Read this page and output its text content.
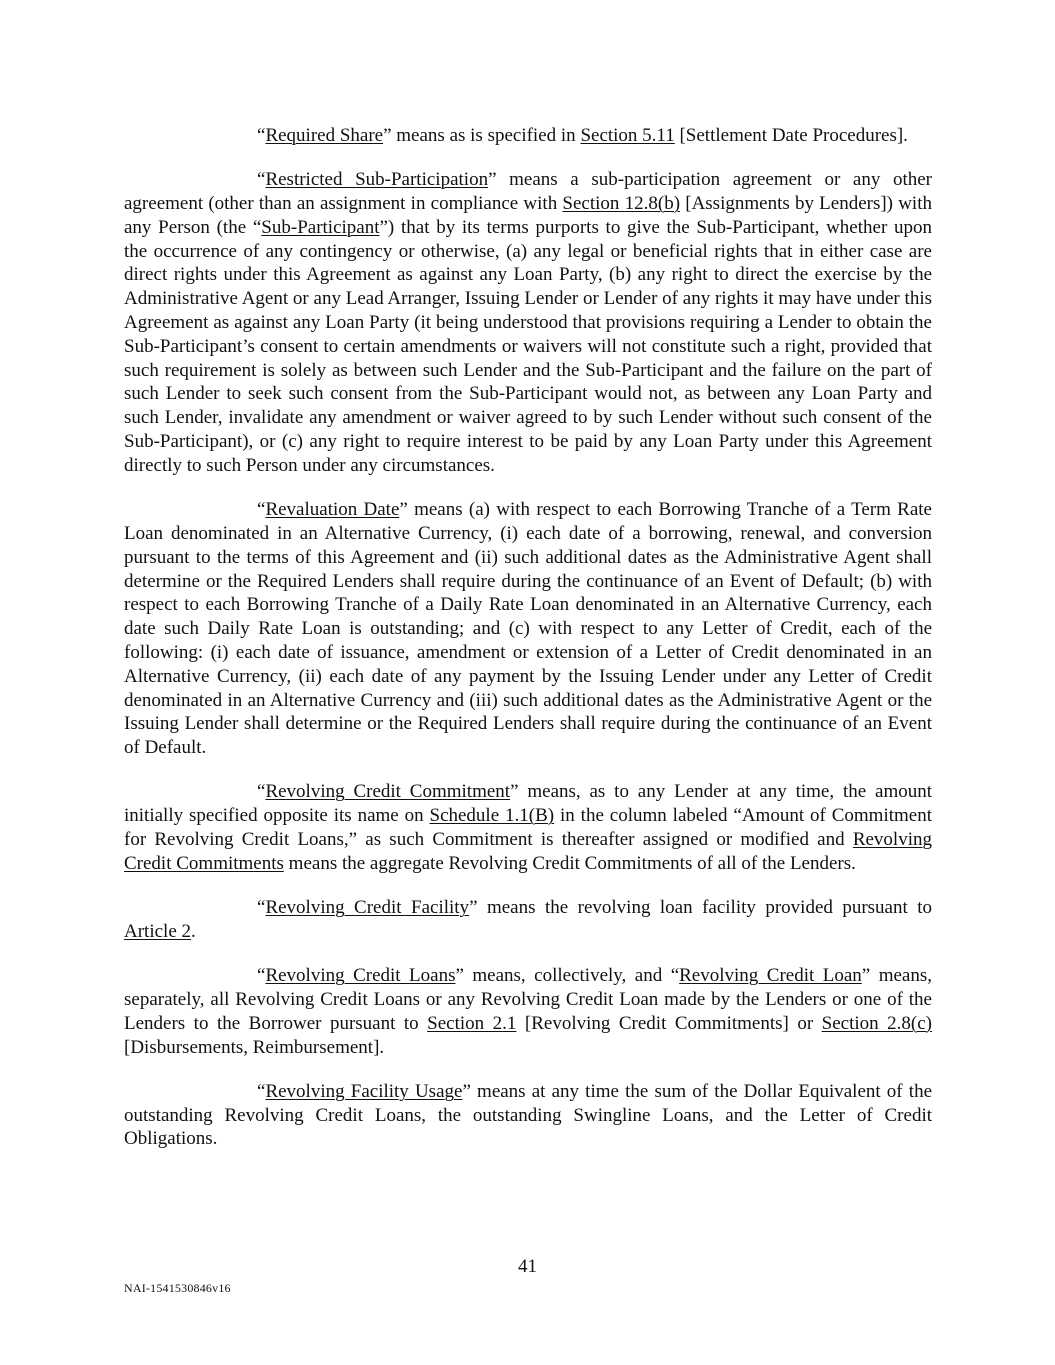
“Required Share” means as is specified in Section 5.11 [Settlement Date Procedures].

“Restricted Sub-Participation” means a sub-participation agreement or any other agreement (other than an assignment in compliance with Section 12.8(b) [Assignments by Lenders]) with any Person (the “Sub-Participant”) that by its terms purports to give the Sub-Participant, whether upon the occurrence of any contingency or otherwise, (a) any legal or beneficial rights that in either case are direct rights under this Agreement as against any Loan Party, (b) any right to direct the exercise by the Administrative Agent or any Lead Arranger, Issuing Lender or Lender of any rights it may have under this Agreement as against any Loan Party (it being understood that provisions requiring a Lender to obtain the Sub-Participant’s consent to certain amendments or waivers will not constitute such a right, provided that such requirement is solely as between such Lender and the Sub-Participant and the failure on the part of such Lender to seek such consent from the Sub-Participant would not, as between any Loan Party and such Lender, invalidate any amendment or waiver agreed to by such Lender without such consent of the Sub-Participant), or (c) any right to require interest to be paid by any Loan Party under this Agreement directly to such Person under any circumstances.

“Revaluation Date” means (a) with respect to each Borrowing Tranche of a Term Rate Loan denominated in an Alternative Currency, (i) each date of a borrowing, renewal, and conversion pursuant to the terms of this Agreement and (ii) such additional dates as the Administrative Agent shall determine or the Required Lenders shall require during the continuance of an Event of Default; (b) with respect to each Borrowing Tranche of a Daily Rate Loan denominated in an Alternative Currency, each date such Daily Rate Loan is outstanding; and (c) with respect to any Letter of Credit, each of the following: (i) each date of issuance, amendment or extension of a Letter of Credit denominated in an Alternative Currency, (ii) each date of any payment by the Issuing Lender under any Letter of Credit denominated in an Alternative Currency and (iii) such additional dates as the Administrative Agent or the Issuing Lender shall determine or the Required Lenders shall require during the continuance of an Event of Default.

“Revolving Credit Commitment” means, as to any Lender at any time, the amount initially specified opposite its name on Schedule 1.1(B) in the column labeled “Amount of Commitment for Revolving Credit Loans,” as such Commitment is thereafter assigned or modified and Revolving Credit Commitments means the aggregate Revolving Credit Commitments of all of the Lenders.

“Revolving Credit Facility” means the revolving loan facility provided pursuant to Article 2.

“Revolving Credit Loans” means, collectively, and “Revolving Credit Loan” means, separately, all Revolving Credit Loans or any Revolving Credit Loan made by the Lenders or one of the Lenders to the Borrower pursuant to Section 2.1 [Revolving Credit Commitments] or Section 2.8(c) [Disbursements, Reimbursement].

“Revolving Facility Usage” means at any time the sum of the Dollar Equivalent of the outstanding Revolving Credit Loans, the outstanding Swingline Loans, and the Letter of Credit Obligations.

41
NAI-1541530846v16
